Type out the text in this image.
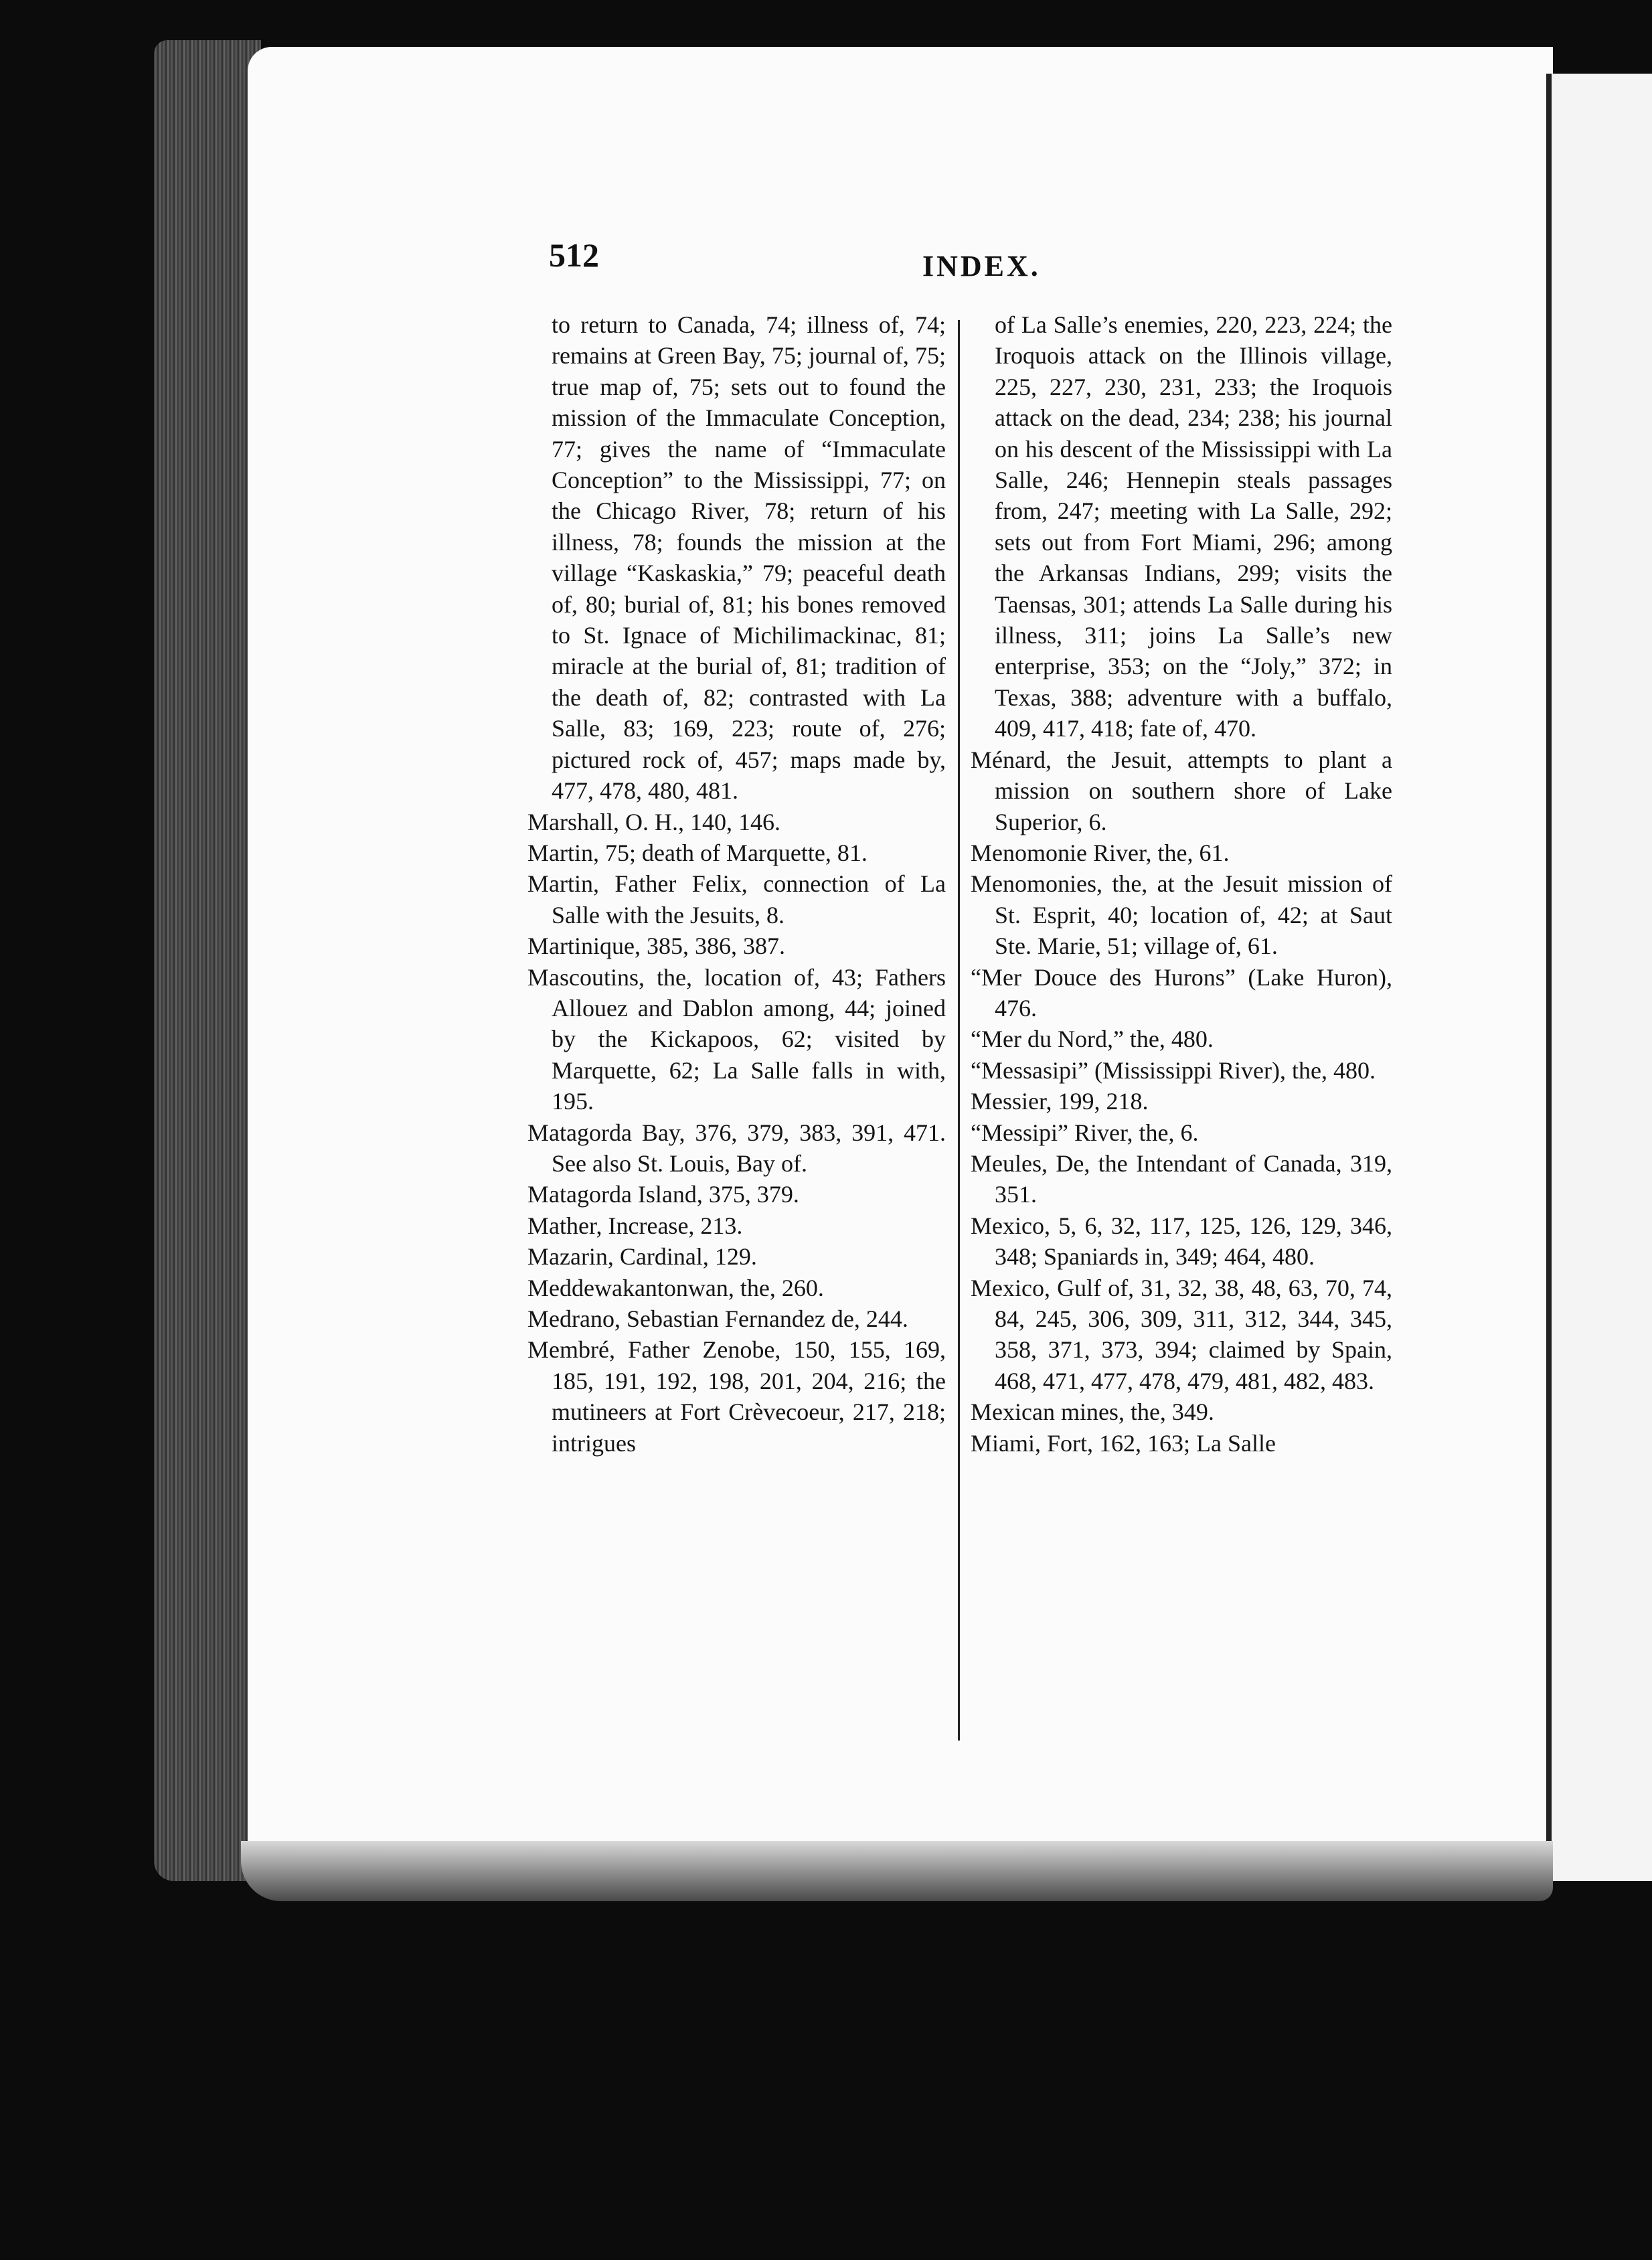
512	INDEX.

to return to Canada, 74; illness of, 74; remains at Green Bay, 75; journal of, 75; true map of, 75; sets out to found the mission of the Immaculate Conception, 77; gives the name of “Immaculate Conception” to the Mississippi, 77; on the Chicago River, 78; return of his illness, 78; founds the mission at the village “Kaskaskia,” 79; peaceful death of, 80; burial of, 81; his bones removed to St. Ignace of Michilimackinac, 81; miracle at the burial of, 81; tradition of the death of, 82; contrasted with La Salle, 83; 169, 223; route of, 276; pictured rock of, 457; maps made by, 477, 478, 480, 481.

Marshall, O. H., 140, 146.

Martin, 75; death of Marquette, 81.

Martin, Father Felix, connection of La Salle with the Jesuits, 8.

Martinique, 385, 386, 387.

Mascoutins, the, location of, 43; Fathers Allouez and Dablon among, 44; joined by the Kickapoos, 62; visited by Marquette, 62; La Salle falls in with, 195.

Matagorda Bay, 376, 379, 383, 391, 471. See also St. Louis, Bay of.

Matagorda Island, 375, 379.

Mather, Increase, 213.

Mazarin, Cardinal, 129.

Meddewakantonwan, the, 260.

Medrano, Sebastian Fernandez de, 244.

Membré, Father Zenobe, 150, 155, 169, 185, 191, 192, 198, 201, 204, 216; the mutineers at Fort Crèvecoeur, 217, 218; intrigues

of La Salle’s enemies, 220, 223, 224; the Iroquois attack on the Illinois village, 225, 227, 230, 231, 233; the Iroquois attack on the dead, 234; 238; his journal on his descent of the Mississippi with La Salle, 246; Hennepin steals passages from, 247; meeting with La Salle, 292; sets out from Fort Miami, 296; among the Arkansas Indians, 299; visits the Taensas, 301; attends La Salle during his illness, 311; joins La Salle’s new enterprise, 353; on the “Joly,” 372; in Texas, 388; adventure with a buffalo, 409, 417, 418; fate of, 470.

Ménard, the Jesuit, attempts to plant a mission on southern shore of Lake Superior, 6.

Menomonie River, the, 61.

Menomonies, the, at the Jesuit mission of St. Esprit, 40; location of, 42; at Saut Ste. Marie, 51; village of, 61.

“Mer Douce des Hurons” (Lake Huron), 476.

“Mer du Nord,” the, 480.

“Messasipi” (Mississippi River), the, 480.

Messier, 199, 218.

“Messipi” River, the, 6.

Meules, De, the Intendant of Canada, 319, 351.

Mexico, 5, 6, 32, 117, 125, 126, 129, 346, 348; Spaniards in, 349; 464, 480.

Mexico, Gulf of, 31, 32, 38, 48, 63, 70, 74, 84, 245, 306, 309, 311, 312, 344, 345, 358, 371, 373, 394; claimed by Spain, 468, 471, 477, 478, 479, 481, 482, 483.

Mexican mines, the, 349.

Miami, Fort, 162, 163; La Salle
